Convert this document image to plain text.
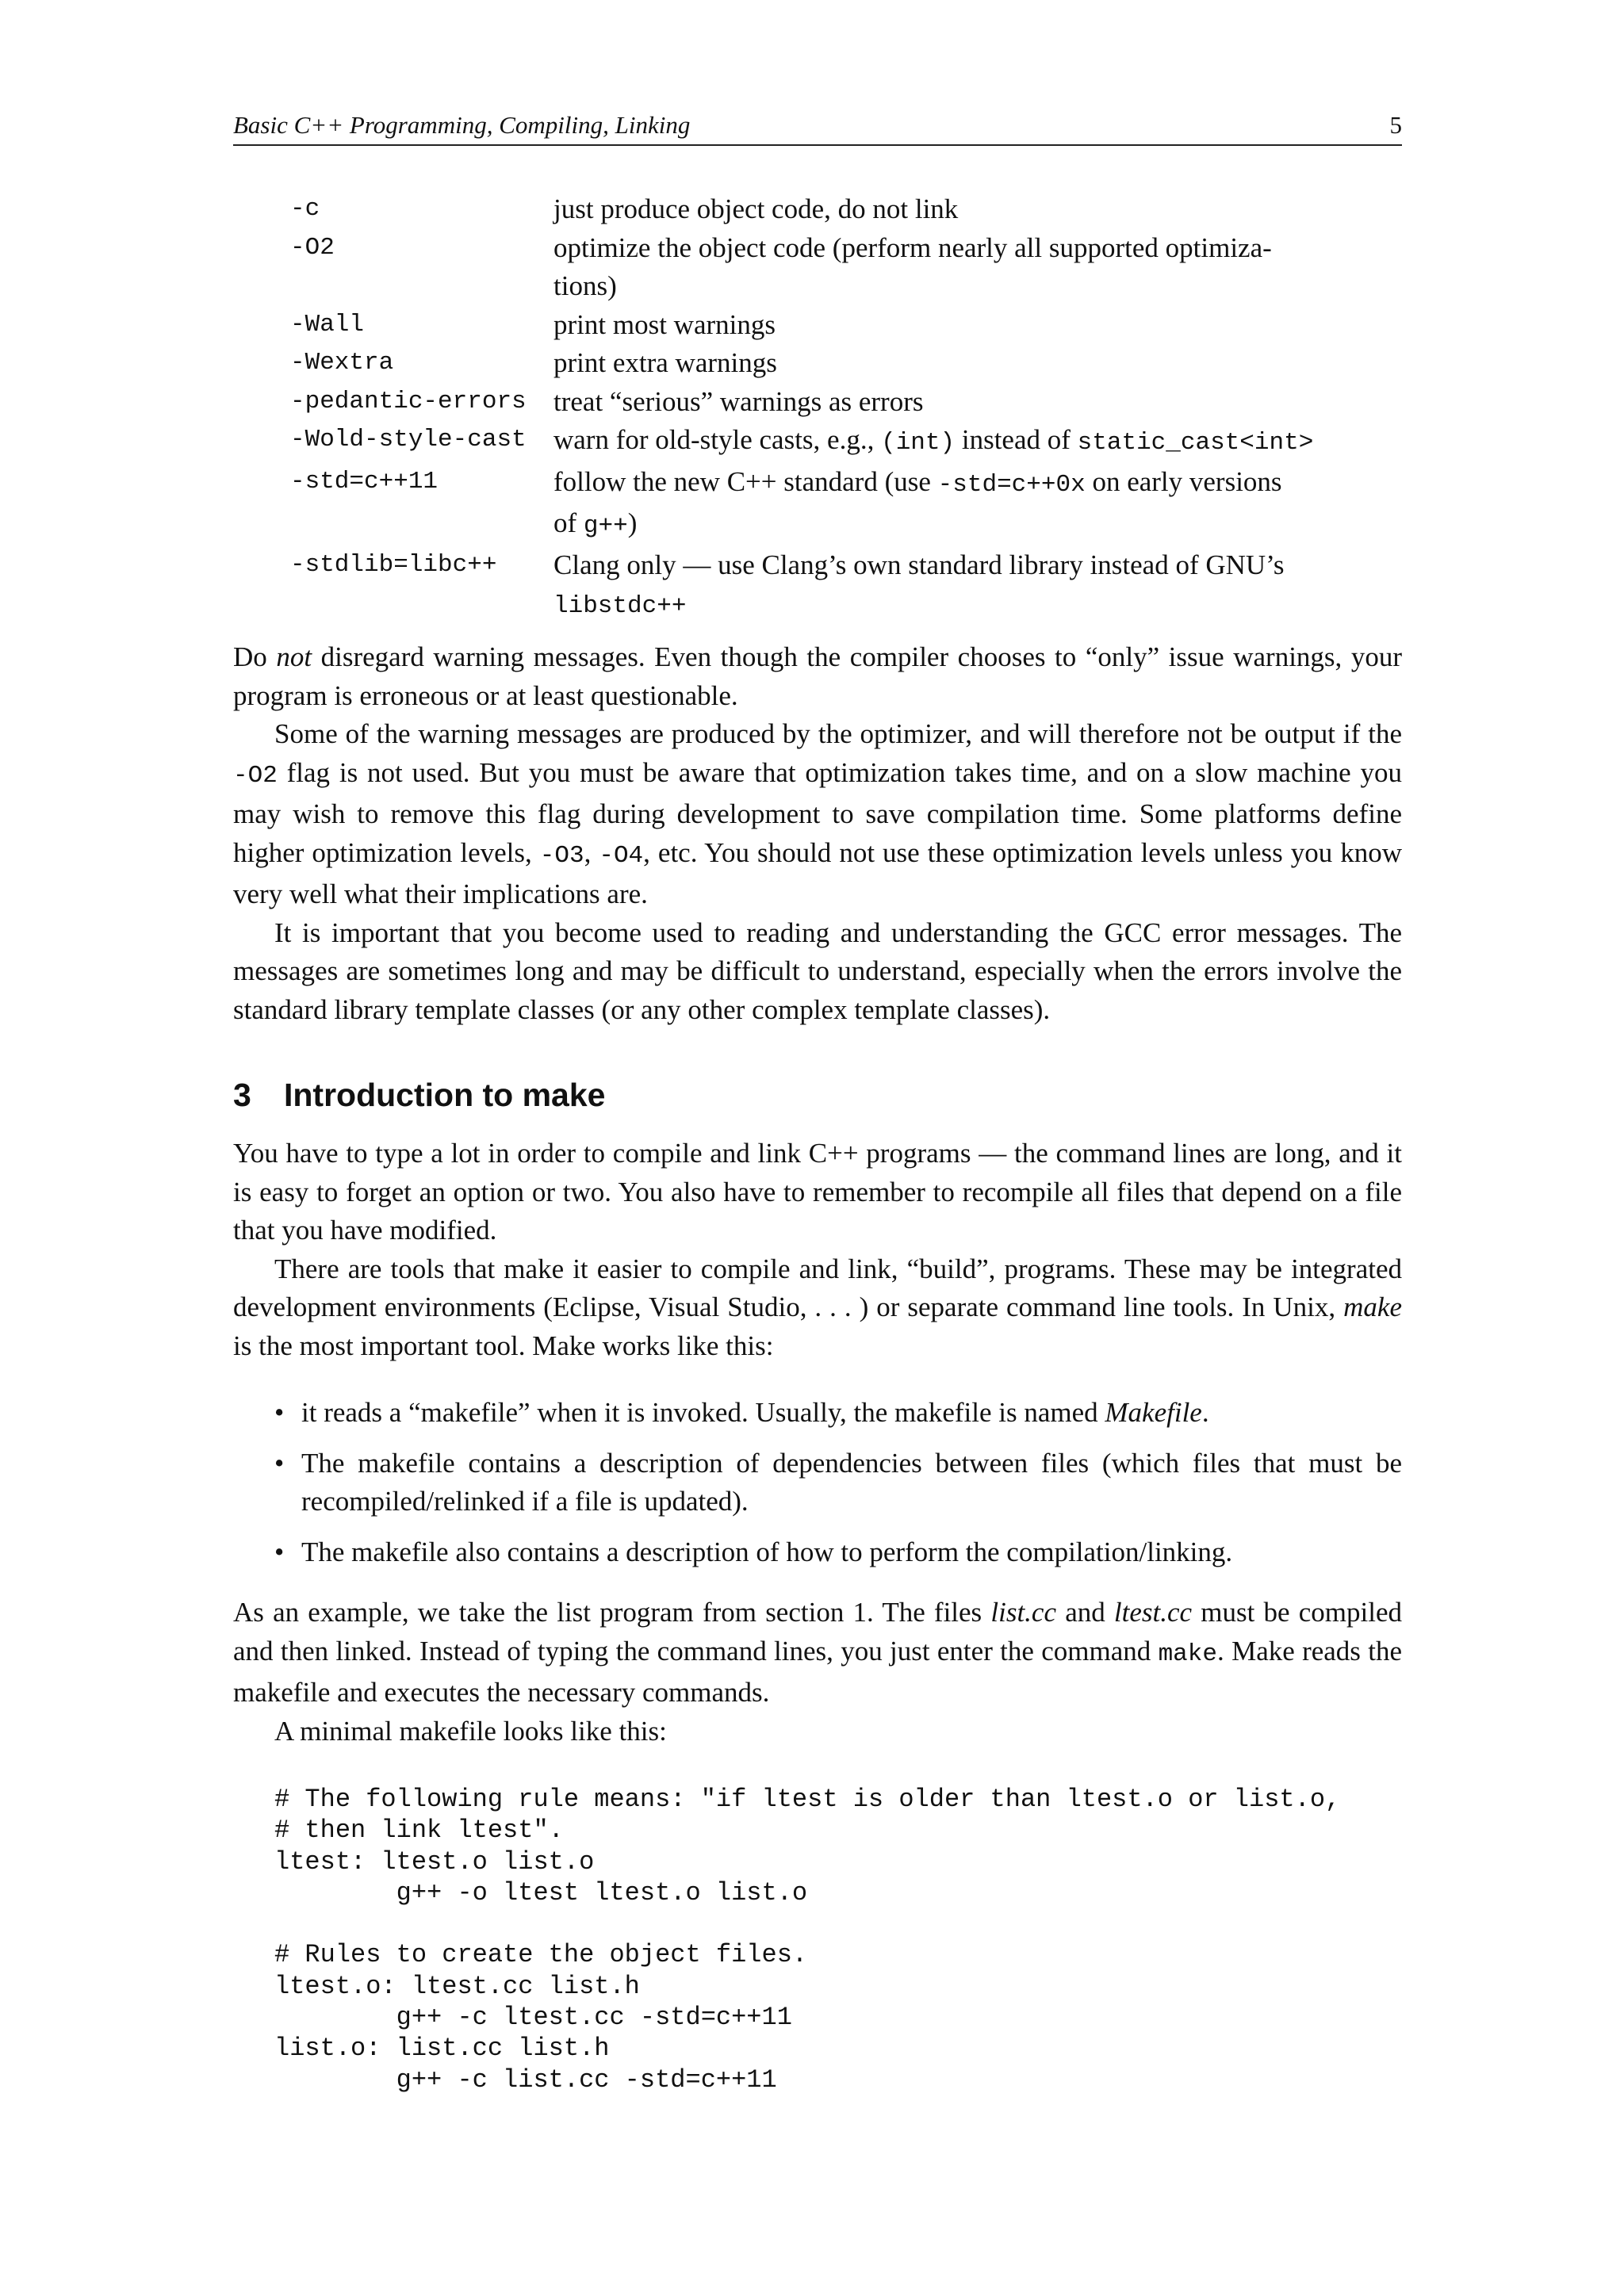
Basic C++ Programming, Compiling, Linking	5
-c	just produce object code, do not link
-O2	optimize the object code (perform nearly all supported optimiza-
tions)
-Wall	print most warnings
-Wextra	print extra warnings
-pedantic-errors treat “serious” warnings as errors
-Wold-style-cast warn for old-style casts, e.g., (int) instead of static_cast<int>
-std=c++11	follow the new C++ standard (use -std=c++0x on early versions
of g++)
-stdlib=libc++	Clang only — use Clang’s own standard library instead of GNU’s
libstdc++

Do not disregard warning messages. Even though the compiler chooses to “only” issue warnings, your program is erroneous or at least questionable.

Some of the warning messages are produced by the optimizer, and will therefore not be output if the -O2 flag is not used. But you must be aware that optimization takes time, and on a slow machine you may wish to remove this flag during development to save compilation time. Some platforms define higher optimization levels, -O3, -O4, etc. You should not use these optimization levels unless you know very well what their implications are.

It is important that you become used to reading and understanding the GCC error messages. The messages are sometimes long and may be difficult to understand, especially when the errors involve the standard library template classes (or any other complex template classes).

3 Introduction to make

You have to type a lot in order to compile and link C++ programs — the command lines are long, and it is easy to forget an option or two. You also have to remember to recompile all files that depend on a file that you have modified.

There are tools that make it easier to compile and link, “build”, programs. These may be integrated development environments (Eclipse, Visual Studio, . . . ) or separate command line tools. In Unix, make is the most important tool. Make works like this:

• it reads a “makefile” when it is invoked. Usually, the makefile is named Makefile.
• The makefile contains a description of dependencies between files (which files that must be recompiled/relinked if a file is updated).
• The makefile also contains a description of how to perform the compilation/linking.

As an example, we take the list program from section 1. The files list.cc and ltest.cc must be compiled and then linked. Instead of typing the command lines, you just enter the command make. Make reads the makefile and executes the necessary commands.

A minimal makefile looks like this:

# The following rule means: "if ltest is older than ltest.o or list.o,
# then link ltest".
ltest: ltest.o list.o
g++ -o ltest ltest.o list.o

# Rules to create the object files.
ltest.o: ltest.cc list.h
g++ -c ltest.cc -std=c++11
list.o: list.cc list.h
g++ -c list.cc -std=c++11
